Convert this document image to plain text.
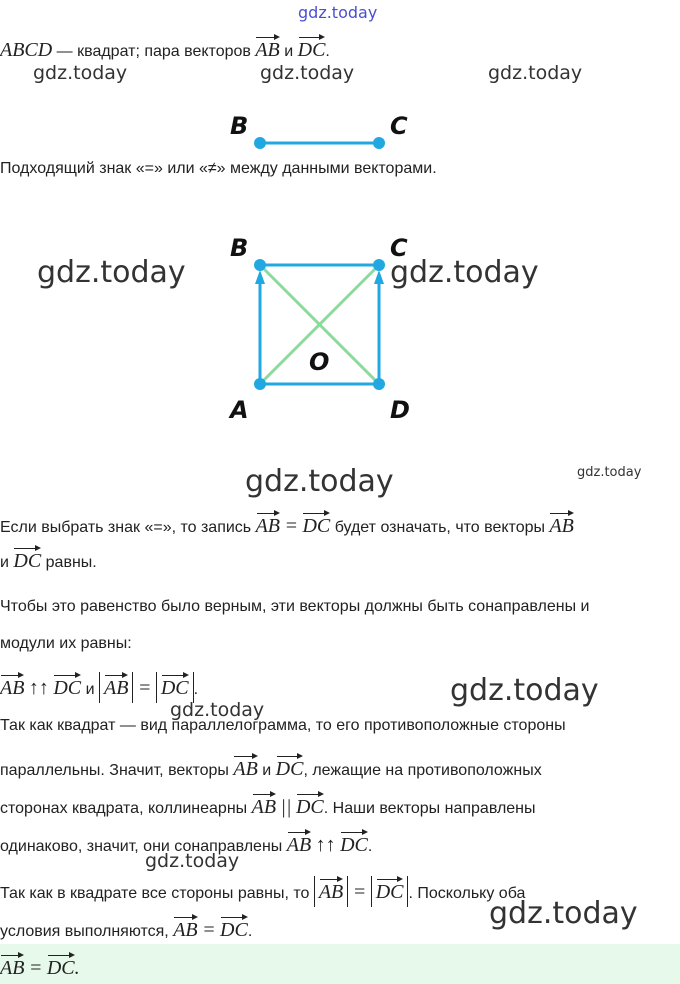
gdz.today
gdz.today	gdz.today	gdz.today
gdz.today	gdz.today
gdz.today	gdz.today
gdz.today
gdz.today
gdz.today
gdz.today
ABCD — квадрат; пара векторов AB и DC.
B	C
Подходящий знак «=» или «≠» между данными векторами.
B	C
O
A	D
Если выбрать знак «=», то запись AB = DC будет означать, что векторы AB
и DC равны.
Чтобы это равенство было верным, эти векторы должны быть сонаправлены и
модули их равны:
AB ↑↑ DC и AB = DC .
Так как квадрат — вид параллелограмма, то его противоположные стороны
параллельны. Значит, векторы AB и DC, лежащие на противоположных
сторонах квадрата, коллинеарны AB || DC. Наши векторы направлены
одинаково, значит, они сонаправлены AB ↑↑ DC.
Так как в квадрате все стороны равны, то AB = DC . Поскольку оба
условия выполняются, AB = DC.
AB = DC.
